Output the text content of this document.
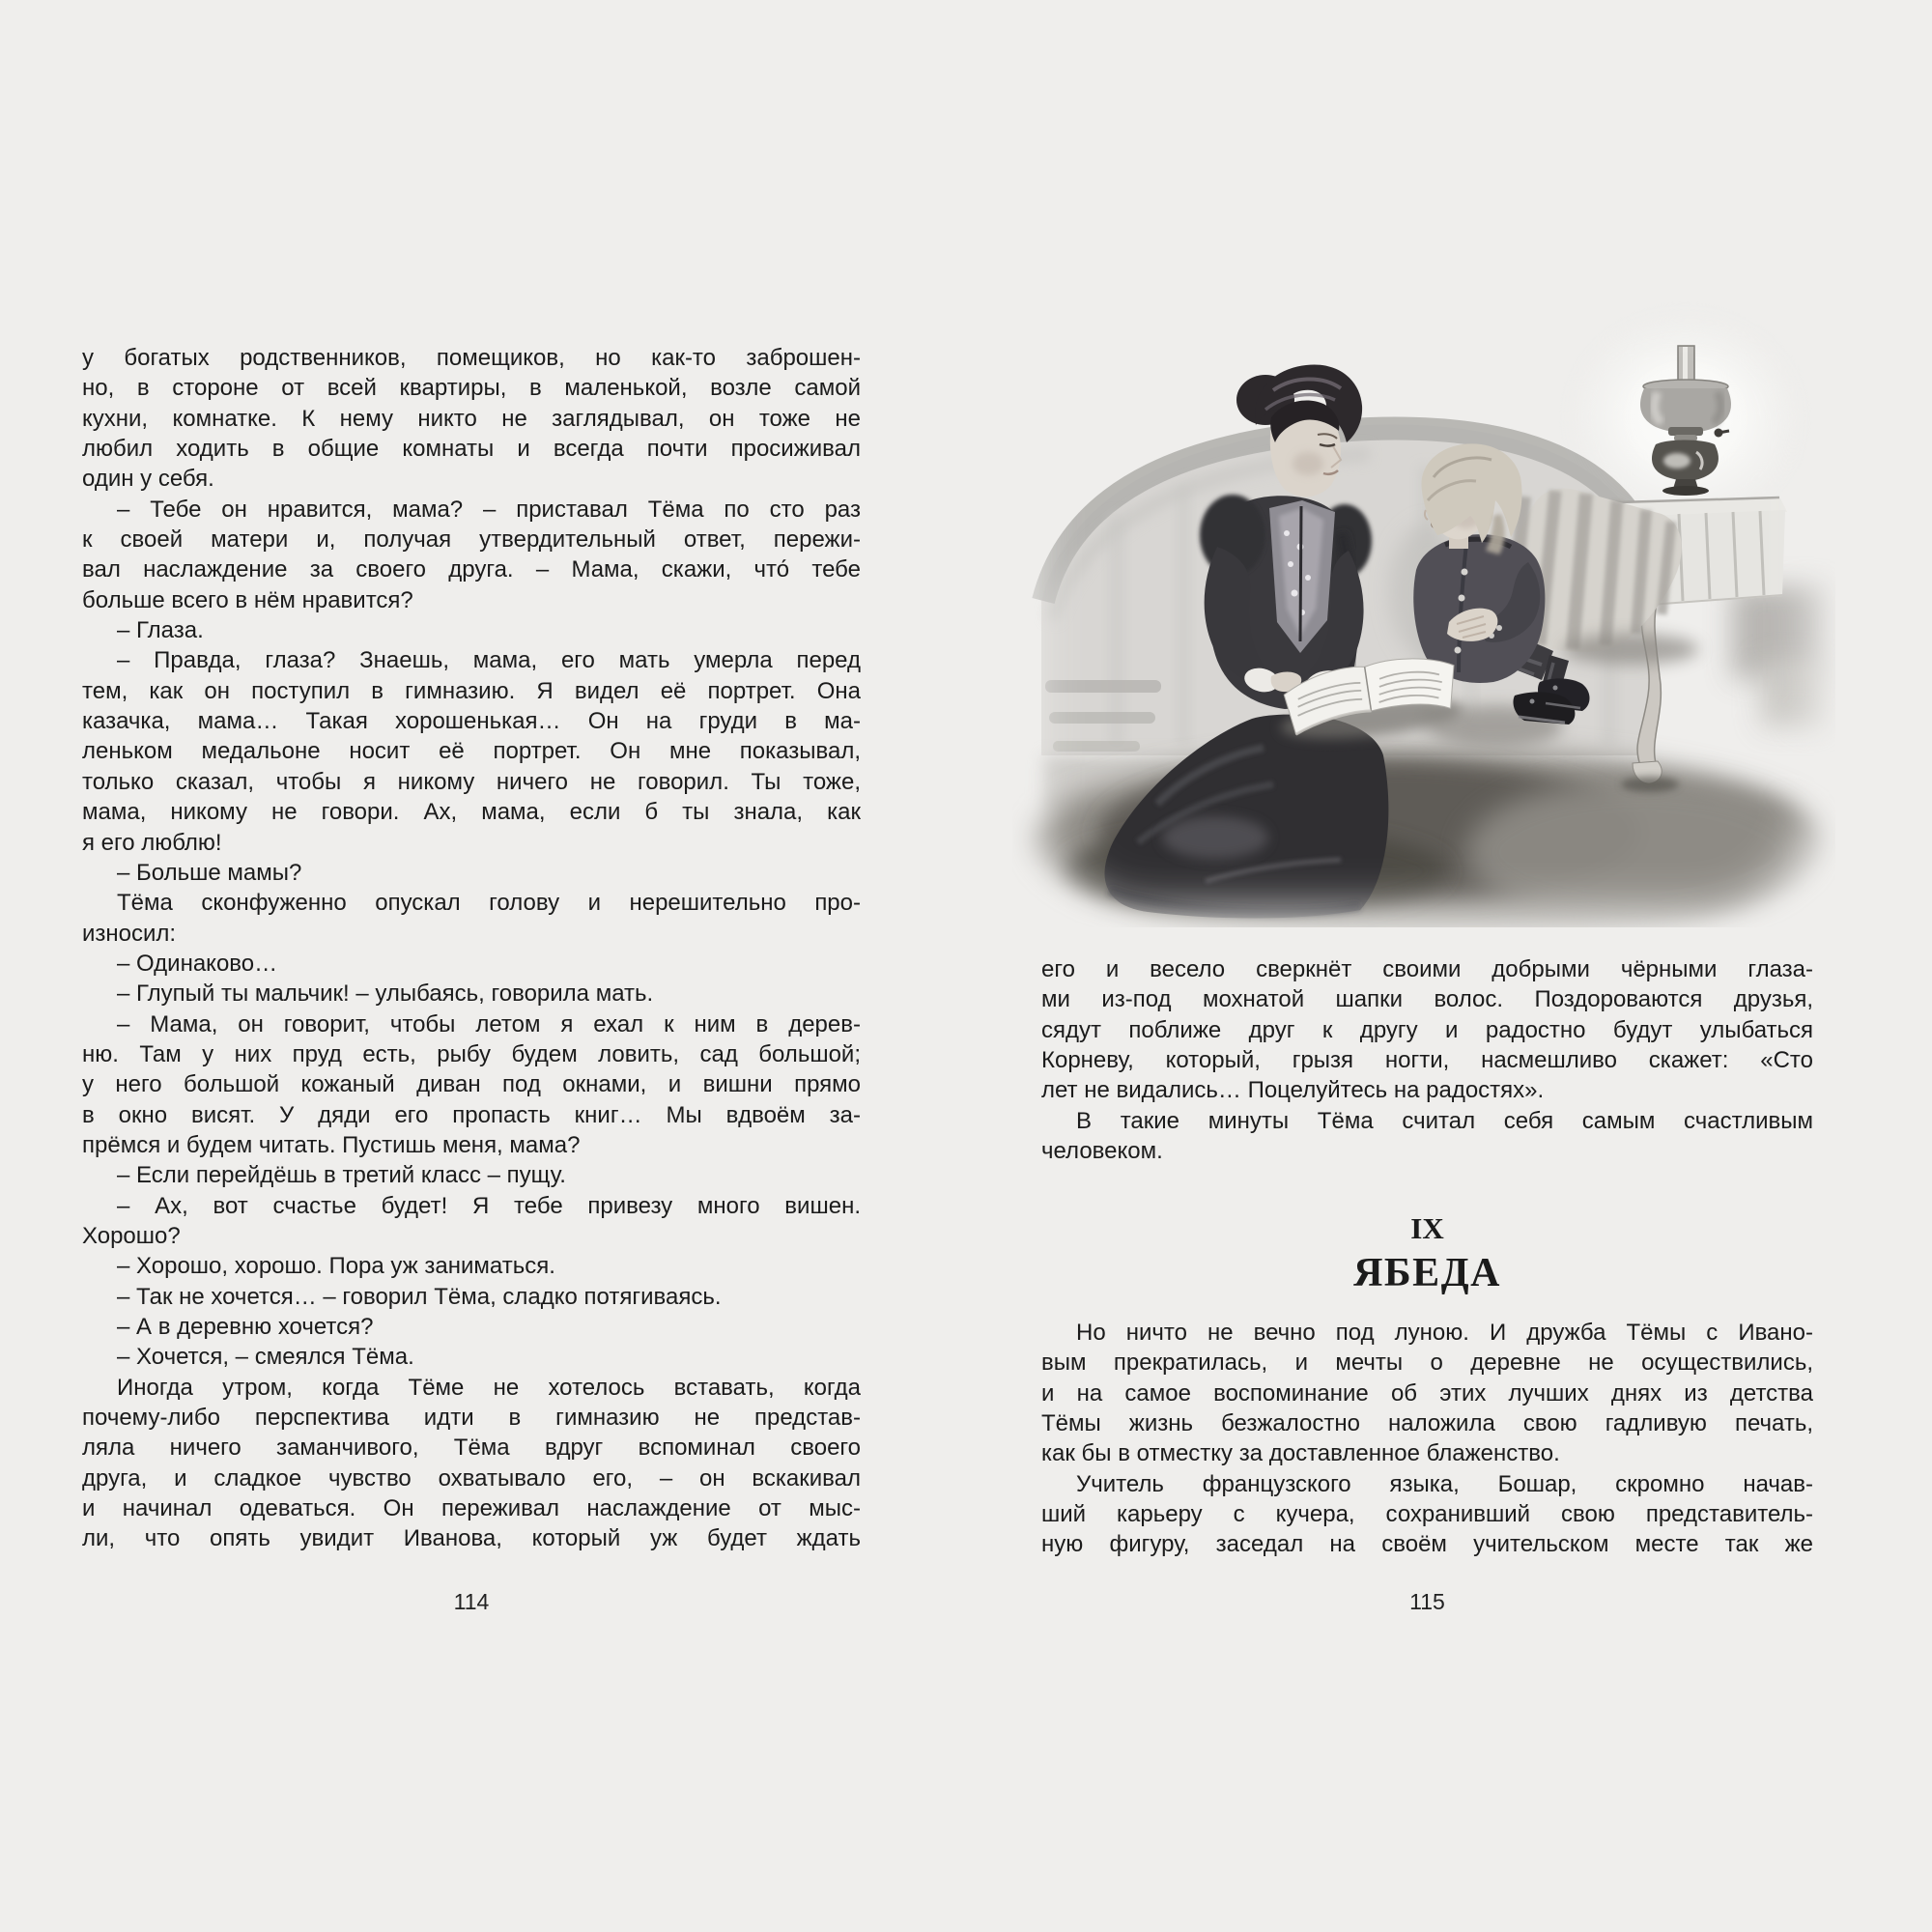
у богатых родственников, помещиков, но как-то заброшен-
но, в стороне от всей квартиры, в маленькой, возле самой
кухни, комнатке. К нему никто не заглядывал, он тоже не
любил ходить в общие комнаты и всегда почти просиживал
один у себя.
– Тебе он нравится, мама? – приставал Тёма по сто раз
к своей матери и, получая утвердительный ответ, пережи-
вал наслаждение за своего друга. – Мама, скажи, что́ тебе
больше всего в нём нравится?
– Глаза.
– Правда, глаза? Знаешь, мама, его мать умерла перед
тем, как он поступил в гимназию. Я видел её портрет. Она
казачка, мама… Такая хорошенькая… Он на груди в ма-
леньком медальоне носит её портрет. Он мне показывал,
только сказал, чтобы я никому ничего не говорил. Ты тоже,
мама, никому не говори. Ах, мама, если б ты знала, как
я его люблю!
– Больше мамы?
Тёма сконфуженно опускал голову и нерешительно про-
износил:
– Одинаково…
– Глупый ты мальчик! – улыбаясь, говорила мать.
– Мама, он говорит, чтобы летом я ехал к ним в дерев-
ню. Там у них пруд есть, рыбу будем ловить, сад большой;
у него большой кожаный диван под окнами, и вишни прямо
в окно висят. У дяди его пропасть книг… Мы вдвоём за-
прёмся и будем читать. Пустишь меня, мама?
– Если перейдёшь в третий класс – пущу.
– Ах, вот счастье будет! Я тебе привезу много вишен.
Хорошо?
– Хорошо, хорошо. Пора уж заниматься.
– Так не хочется… – говорил Тёма, сладко потягиваясь.
– А в деревню хочется?
– Хочется, – смеялся Тёма.
Иногда утром, когда Тёме не хотелось вставать, когда
почему-либо перспектива идти в гимназию не представ-
ляла ничего заманчивого, Тёма вдруг вспоминал своего
друга, и сладкое чувство охватывало его, – он вскакивал
и начинал одеваться. Он переживал наслаждение от мыс-
ли, что опять увидит Иванова, который уж будет ждать
114
его и весело сверкнёт своими добрыми чёрными глаза-
ми из-под мохнатой шапки волос. Поздороваются друзья,
сядут поближе друг к другу и радостно будут улыбаться
Корневу, который, грызя ногти, насмешливо скажет: «Сто
лет не видались… Поцелуйтесь на радостях».
В такие минуты Тёма считал себя самым счастливым
человеком.
IX
ЯБЕДА
Но ничто не вечно под луною. И дружба Тёмы с Ивано-
вым прекратилась, и мечты о деревне не осуществились,
и на самое воспоминание об этих лучших днях из детства
Тёмы жизнь безжалостно наложила свою гадливую печать,
как бы в отместку за доставленное блаженство.
Учитель французского языка, Бошар, скромно начав-
ший карьеру с кучера, сохранивший свою представитель-
ную фигуру, заседал на своём учительском месте так же
115
